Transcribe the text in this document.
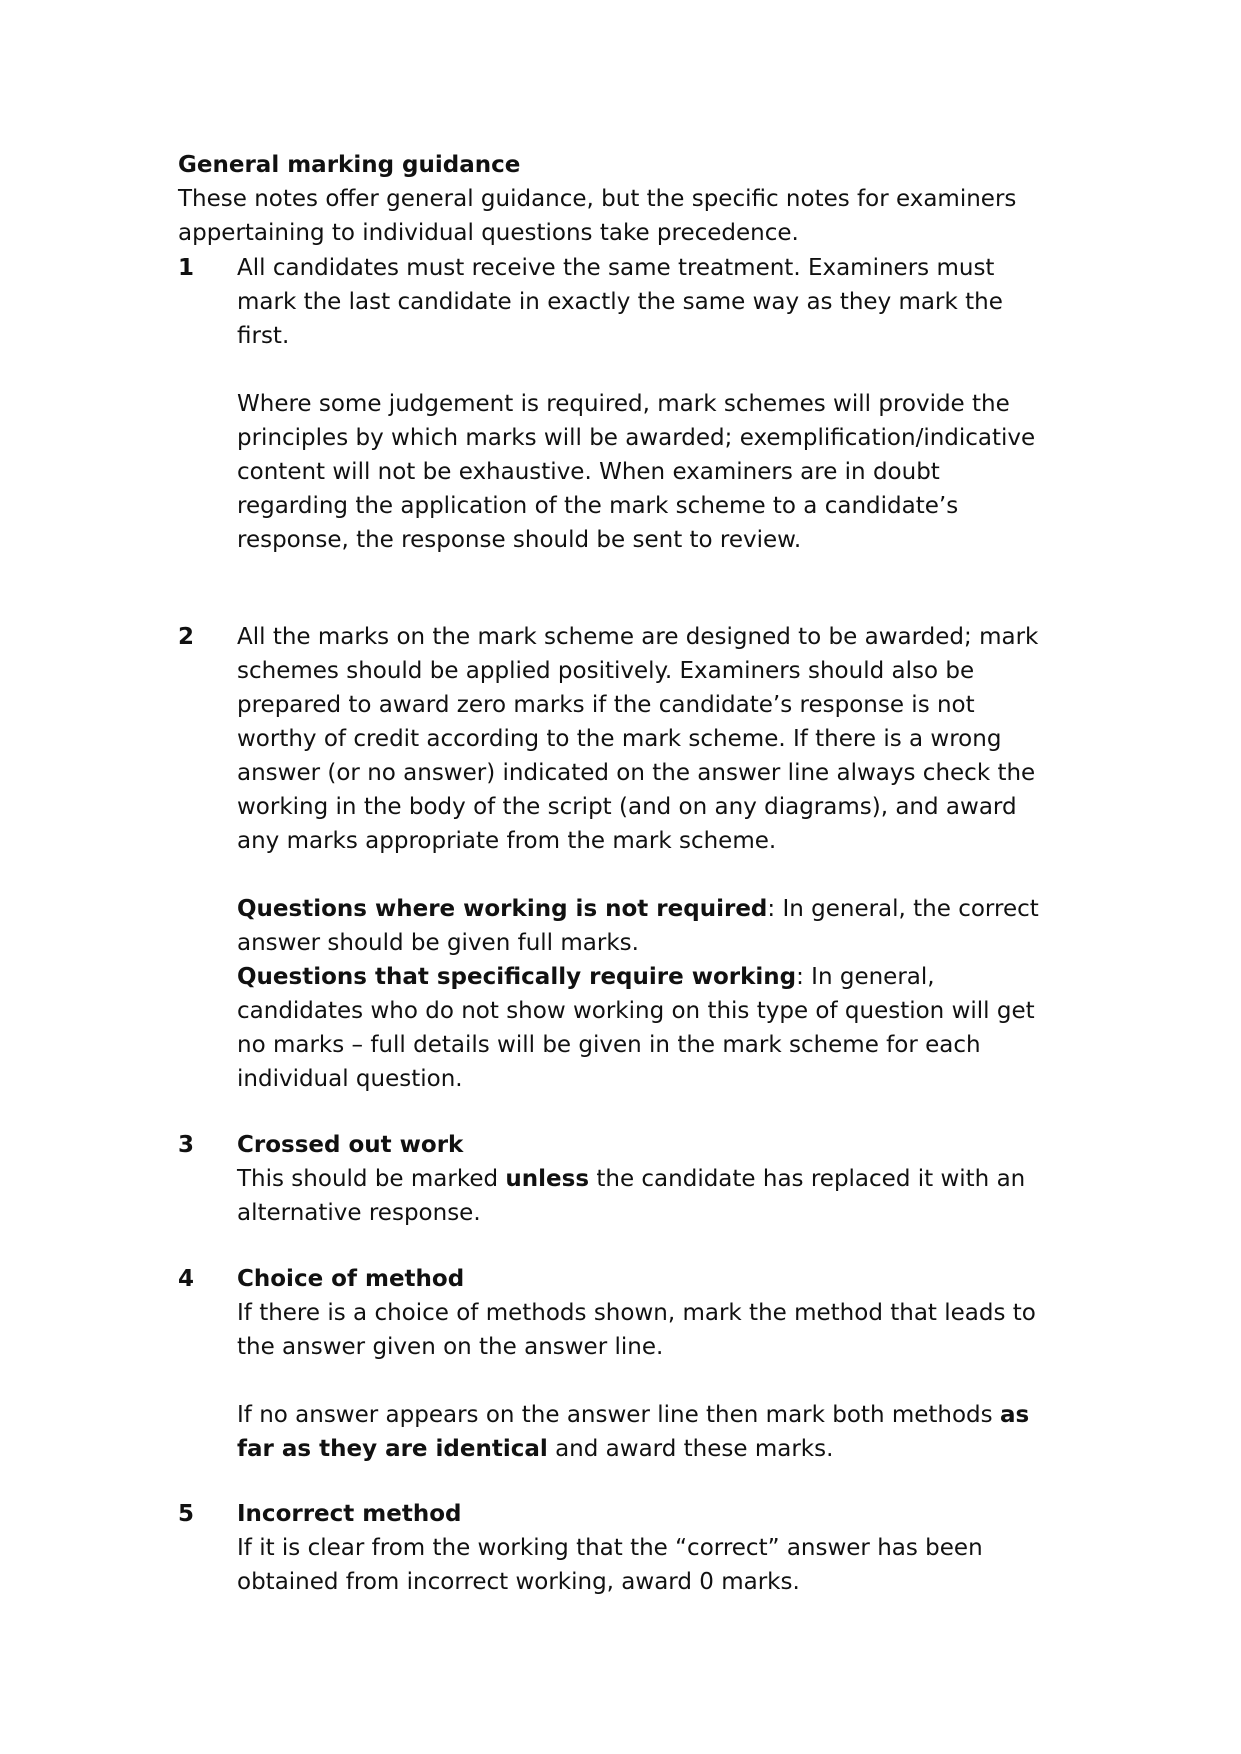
General marking guidance
These notes offer general guidance, but the specific notes for examiners
appertaining to individual questions take precedence.
1 All candidates must receive the same treatment. Examiners must
mark the last candidate in exactly the same way as they mark the
first.
Where some judgement is required, mark schemes will provide the
principles by which marks will be awarded; exemplification/indicative
content will not be exhaustive. When examiners are in doubt
regarding the application of the mark scheme to a candidate’s
response, the response should be sent to review.
2 All the marks on the mark scheme are designed to be awarded; mark
schemes should be applied positively. Examiners should also be
prepared to award zero marks if the candidate’s response is not
worthy of credit according to the mark scheme. If there is a wrong
answer (or no answer) indicated on the answer line always check the
working in the body of the script (and on any diagrams), and award
any marks appropriate from the mark scheme.
Questions where working is not required: In general, the correct
answer should be given full marks.
Questions that specifically require working: In general,
candidates who do not show working on this type of question will get
no marks – full details will be given in the mark scheme for each
individual question.
3 Crossed out work
This should be marked unless the candidate has replaced it with an
alternative response.
4 Choice of method
If there is a choice of methods shown, mark the method that leads to
the answer given on the answer line.
If no answer appears on the answer line then mark both methods as
far as they are identical and award these marks.
5 Incorrect method
If it is clear from the working that the “correct” answer has been
obtained from incorrect working, award 0 marks.
